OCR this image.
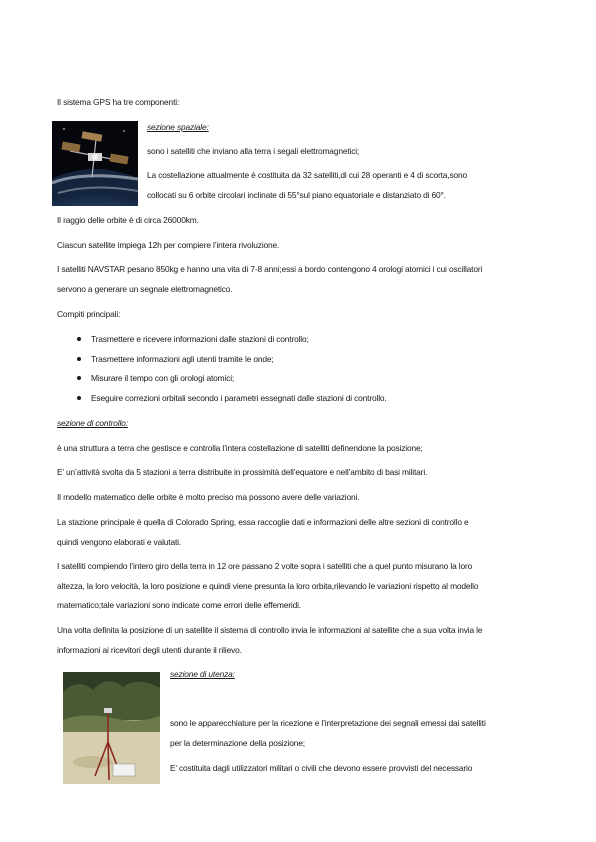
Il sistema GPS ha tre componenti:
sezione spaziale:
sono i satelliti che inviano alla terra i segali elettromagnetici;
La costellazione attualmente è costituita da 32 satelliti,di cui 28 operanti e 4 di scorta,sono
collocati su 6 orbite circolari inclinate di 55°sul piano equatoriale e distanziato di 60°.
Il raggio delle orbite è di circa 26000km.
Ciascun satellite impiega 12h per compiere l’intera rivoluzione.
I satelliti NAVSTAR pesano 850kg e hanno una vita di 7-8 anni;essi a bordo contengono 4 orologi atomici i cui oscillatori
servono a generare un segnale elettromagnetico.
Compiti principali:
Trasmettere e ricevere informazioni dalle stazioni di controllo;
Trasmettere informazioni agli utenti tramite le onde;
Misurare il tempo con gli orologi atomici;
Eseguire correzioni orbitali secondo i parametri essegnati dalle stazioni di controllo.
sezione di controllo:
è una struttura a terra che gestisce e controlla l’intera costellazione di satelliti definendone la posizione;
E’ un’attività svolta da 5 stazioni a terra distribuite in prossimità dell’equatore e nell’ambito di basi militari.
Il modello matematico delle orbite è molto preciso ma possono avere delle variazioni.
La stazione principale è quella di Colorado Spring, essa raccoglie dati e informazioni delle altre sezioni di controllo e
quindi vengono elaborati e valutati.
I satelliti compiendo l’intero giro della terra in 12 ore passano 2 volte sopra i satelliti che a quel punto misurano la loro
altezza, la loro velocità, la loro posizione e quindi viene presunta la loro orbita,rilevando le variazioni rispetto al modello
matematico;tale variazioni sono indicate come errori delle effemeridi.
Una volta definita la posizione di un satellite il sistema di controllo invia le informazioni al satellite che a sua volta invia le
informazioni ai ricevitori degli utenti durante il rilievo.
sezione di utenza:
sono le apparecchiature per la ricezione e l’interpretazione dei segnali emessi dai satelliti
per la determinazione della posizione;
E’ costituita dagli utilizzatori militari o civili che devono essere provvisti del necessario
